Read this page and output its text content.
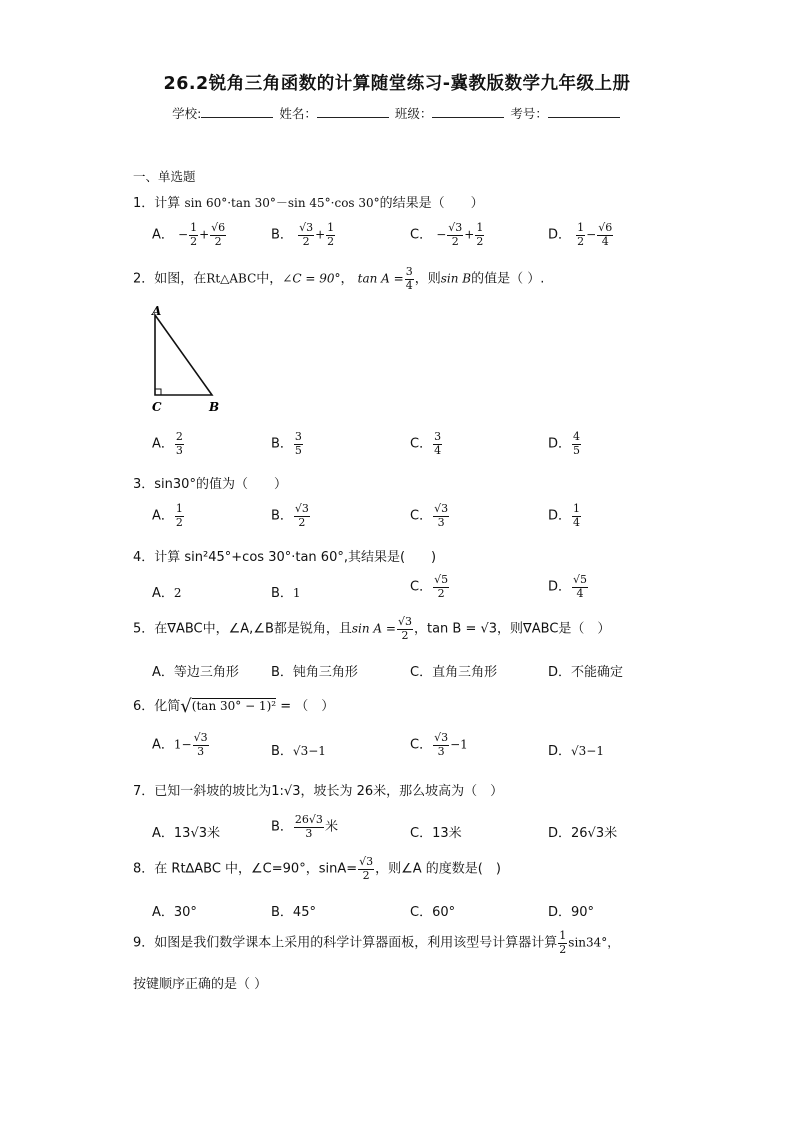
26.2锐角三角函数的计算随堂练习-冀教版数学九年级上册
学校:	姓名：	班级：	考号：
一、单选题
1．计算 sin 60°·tan 30°－sin 45°·cos 30°的结果是（　　）
A． − $\frac{1}{2} + \frac{√6}{2}$	B． $\frac{√3}{2} + \frac{1}{2}$	C． − $\frac{√3}{2} + \frac{1}{2}$	D． $\frac{1}{2} - \frac{√6}{4}$
2．如图，在Rt△ABC中，∠C = 90°， $\tan A = \frac{3}{4}$ ，则sin B的值是（ ）.
A
C	B
A． $\frac{2}{3}$	B． $\frac{3}{5}$	C． $\frac{3}{4}$	D． $\frac{4}{5}$
3．sin30°的值为（　　）
A． $\frac{1}{2}$	B． $\frac{√3}{2}$	C． $\frac{√3}{3}$	D． $\frac{1}{4}$
4．计算 sin²45°+cos 30°·tan 60°,其结果是(　　)
A．2	B．1	C． $\frac{√5}{2}$	D． $\frac{√5}{4}$
5．在∇ABC中，∠A,∠B都是锐角，且$\sin A = \frac{√3}{2}$ ，tan B = √3，则∇ABC是（　）
A．等边三角形 B．钝角三角形	C．直角三角形	D．不能确定
6．化简√(tan 30° − 1)² = （　）
A．$1- \frac{√3}{3}$	B．√3−1	C． $\frac{√3}{3} -1$	D．√3−1
7．已知一斜坡的坡比为1:√3，坡长为 26米，那么坡高为（　）
A．13√3米	B． $\frac{26√3}{3}$ 米	C．13米	D．26√3米
8．在 Rt∆ABC 中，∠C=90°，$\sin A= \frac{√3}{2}$ ，则∠A 的度数是(　)
A．30°	B．45°	C．60°	D．90°
9．如图是我们数学课本上采用的科学计算器面板，利用该型号计算器计算 $\frac{1}{2} \sin 34^\circ$，
按键顺序正确的是（ ）
